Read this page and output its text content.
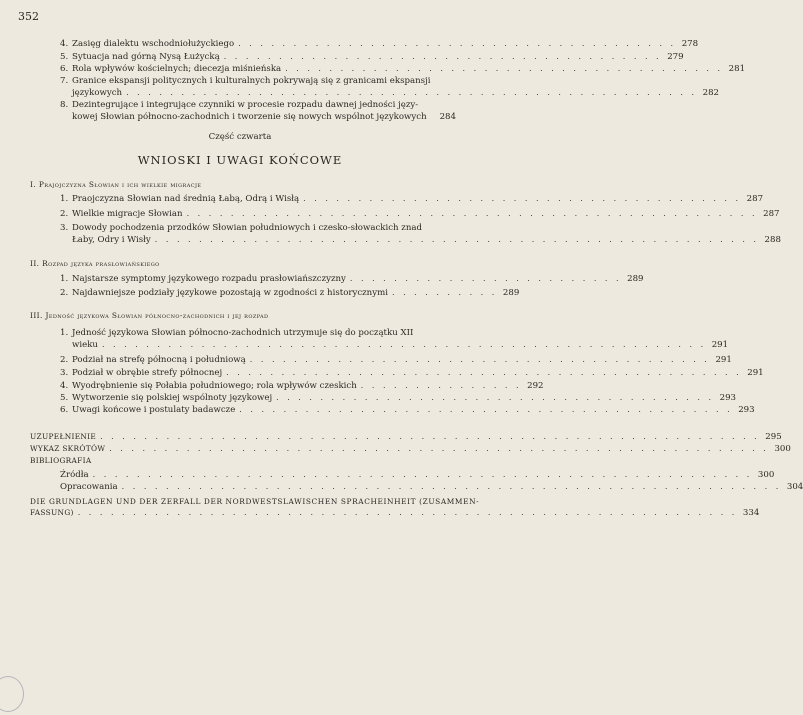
352
4. Zasięg dialektu wschodniołużyckiego . . . . . . . . . . . . . . . . . . . . . . . . . . . . . . . . . . . . . . . . 278
5. Sytuacja nad górną Nysą Łużycką . . . . . . . . . . . . . . . . . . . . . . . . . . . . . . . . . . . . . . . . 279
6. Rola wpływów kościelnych; diecezja miśnieńska . . . . . . . . . . . . . . . . . . . . . . . . . . . . . . . . . . . . . . . . 281
7. Granice ekspansji politycznych i kulturalnych pokrywają się z granicami ekspansji
językowych . . . . . . . . . . . . . . . . . . . . . . . . . . . . . . . . . . . . . . . . . . . . . . . . . . . . 282
8. Dezintegrujące i integrujące czynniki w procesie rozpadu dawnej jedności języ-
kowej Słowian północno-zachodnich i tworzenie się nowych wspólnot językowych	284
Część czwarta
WNIOSKI I UWAGI KOŃCOWE
I. Prajojczyzna Słowian i ich wielkie migracje
1. Praojczyzna Słowian nad średnią Łabą, Odrą i Wisłą . . . . . . . . . . . . . . . . . . . . . . . . . . . . . . . . . . . . . . . . 287
2. Wielkie migracje Słowian . . . . . . . . . . . . . . . . . . . . . . . . . . . . . . . . . . . . . . . . . . . . . . . . . . . . 287
3. Dowody pochodzenia przodków Słowian południowych i czesko-słowackich znad
Łaby, Odry i Wisły . . . . . . . . . . . . . . . . . . . . . . . . . . . . . . . . . . . . . . . . . . . . . . . . . . . . . . . 288
II. Rozpad języka prasłowiańskiego
1. Najstarsze symptomy językowego rozpadu prasłowiańszczyzny . . . . . . . . . . . . . . . . . . . . . . . . . 289
2. Najdawniejsze podziały językowe pozostają w zgodności z historycznymi . . . . . . . . . . 289
III. Jedność językowa Słowian północno-zachodnich i jej rozpad
1. Jedność językowa Słowian północno-zachodnich utrzymuje się do początku XII
wieku . . . . . . . . . . . . . . . . . . . . . . . . . . . . . . . . . . . . . . . . . . . . . . . . . . . . . . . 291
2. Podział na strefę północną i południową . . . . . . . . . . . . . . . . . . . . . . . . . . . . . . . . . . . . . . . . . . 291
3. Podział w obrębie strefy północnej . . . . . . . . . . . . . . . . . . . . . . . . . . . . . . . . . . . . . . . . . . . . . . . 291
4. Wyodrębnienie się Połabia południowego; rola wpływów czeskich . . . . . . . . . . . . . . . 292
5. Wytworzenie się polskiej wspólnoty językowej . . . . . . . . . . . . . . . . . . . . . . . . . . . . . . . . . . . . . . . . 293
6. Uwagi końcowe i postulaty badawcze . . . . . . . . . . . . . . . . . . . . . . . . . . . . . . . . . . . . . . . . . . . . . 293
UZUPEŁNIENIE . . . . . . . . . . . . . . . . . . . . . . . . . . . . . . . . . . . . . . . . . . . . . . . . . . . . . . . . . . . . 295
WYKAZ SKRÓTÓW . . . . . . . . . . . . . . . . . . . . . . . . . . . . . . . . . . . . . . . . . . . . . . . . . . . . . . . . . . . . 300
BIBLIOGRAFIA
Źródła . . . . . . . . . . . . . . . . . . . . . . . . . . . . . . . . . . . . . . . . . . . . . . . . . . . . . . . . . . . . 300
Opracowania . . . . . . . . . . . . . . . . . . . . . . . . . . . . . . . . . . . . . . . . . . . . . . . . . . . . . . . . . . . . 304
DIE GRUNDLAGEN UND DER ZERFALL DER NORDWESTSLAWISCHEN SPRACHEINHEIT (ZUSAMMEN-
FASSUNG) . . . . . . . . . . . . . . . . . . . . . . . . . . . . . . . . . . . . . . . . . . . . . . . . . . . . . . . . . . . . 334
